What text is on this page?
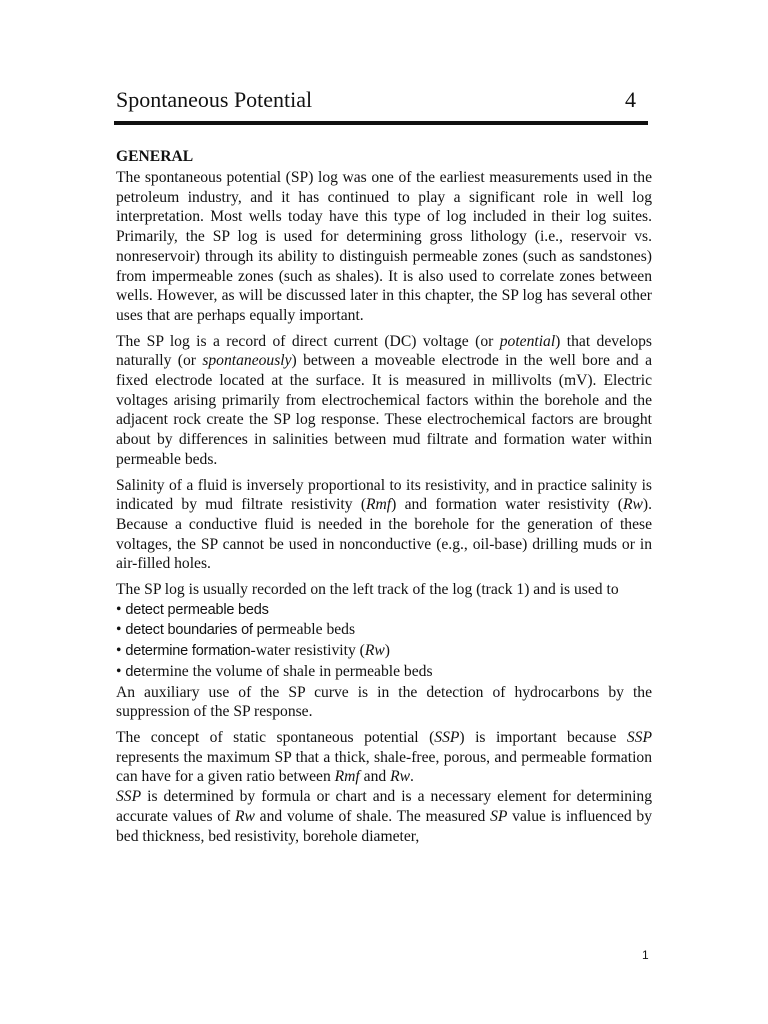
Spontaneous Potential	4
GENERAL

The spontaneous potential (SP) log was one of the earliest measurements used in the petroleum industry, and it has continued to play a significant role in well log interpretation. Most wells today have this type of log included in their log suites. Primarily, the SP log is used for determining gross lithology (i.e., reservoir vs. nonreservoir) through its ability to distinguish permeable zones (such as sandstones) from impermeable zones (such as shales). It is also used to correlate zones between wells. However, as will be discussed later in this chapter, the SP log has several other uses that are perhaps equally important.

The SP log is a record of direct current (DC) voltage (or potential) that develops naturally (or spontaneously) between a moveable electrode in the well bore and a fixed electrode located at the surface. It is measured in millivolts (mV). Electric voltages arising primarily from electrochemical factors within the borehole and the adjacent rock create the SP log response. These electrochemical factors are brought about by differences in salinities between mud filtrate and formation water within permeable beds.

Salinity of a fluid is inversely proportional to its resistivity, and in practice salinity is indicated by mud filtrate resistivity (Rmf) and formation water resistivity (Rw). Because a conductive fluid is needed in the borehole for the generation of these voltages, the SP cannot be used in nonconductive (e.g., oil-base) drilling muds or in air-filled holes.

The SP log is usually recorded on the left track of the log (track 1) and is used to

• detect permeable beds
• detect boundaries of permeable beds
• determine formation-water resistivity (Rw)
• determine the volume of shale in permeable beds

An auxiliary use of the SP curve is in the detection of hydrocarbons by the suppression of the SP response.

The concept of static spontaneous potential (SSP) is important because SSP represents the maximum SP that a thick, shale-free, porous, and permeable formation can have for a given ratio between Rmf and Rw.

SSP is determined by formula or chart and is a necessary element for determining accurate values of Rw and volume of shale. The measured SP value is influenced by bed thickness, bed resistivity, borehole diameter,

1
